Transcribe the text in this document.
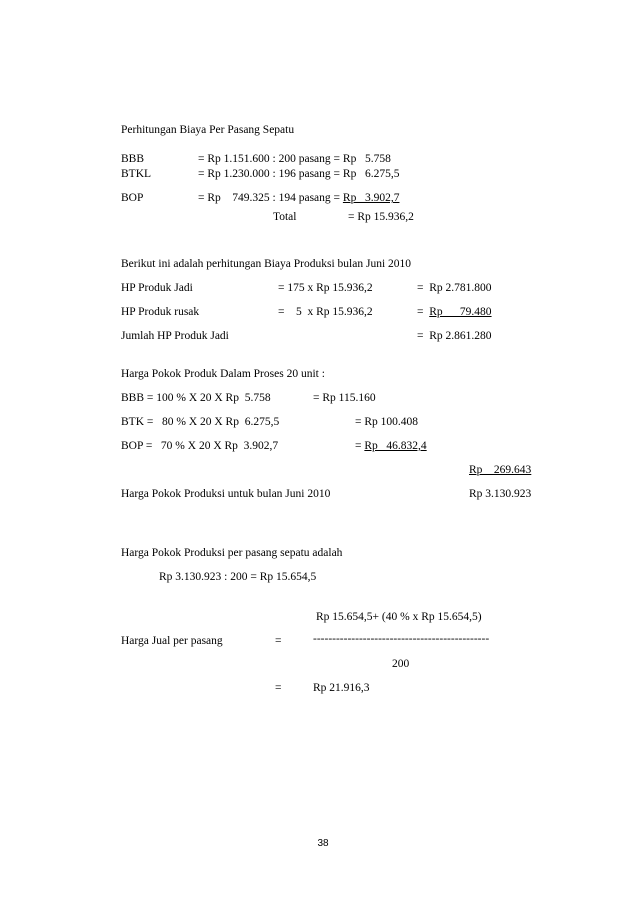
Perhitungan Biaya Per Pasang Sepatu
BBB	= Rp 1.151.600 : 200 pasang = Rp   5.758
BTKL	= Rp 1.230.000 : 196 pasang = Rp   6.275,5
BOP	= Rp    749.325 : 194 pasang = Rp   3.902,7
Total	= Rp 15.936,2
Berikut ini adalah perhitungan Biaya Produksi bulan Juni 2010
HP Produk Jadi	= 175 x Rp 15.936,2	=  Rp 2.781.800
HP Produk rusak	=    5  x Rp 15.936,2	=  Rp      79.480
Jumlah HP Produk Jadi	=  Rp 2.861.280
Harga Pokok Produk Dalam Proses 20 unit :
BBB = 100 % X 20 X Rp  5.758	= Rp 115.160
BTK =   80 % X 20 X Rp  6.275,5	= Rp 100.408
BOP =   70 % X 20 X Rp  3.902,7	= Rp   46.832,4
Rp    269.643
Harga Pokok Produksi untuk bulan Juni 2010	Rp 3.130.923
Harga Pokok Produksi per pasang sepatu adalah
Rp 3.130.923 : 200 = Rp 15.654,5
Rp 15.654,5+ (40 % x Rp 15.654,5)
Harga Jual per pasang	=	----------------------------------------------
200
=	Rp 21.916,3
38
